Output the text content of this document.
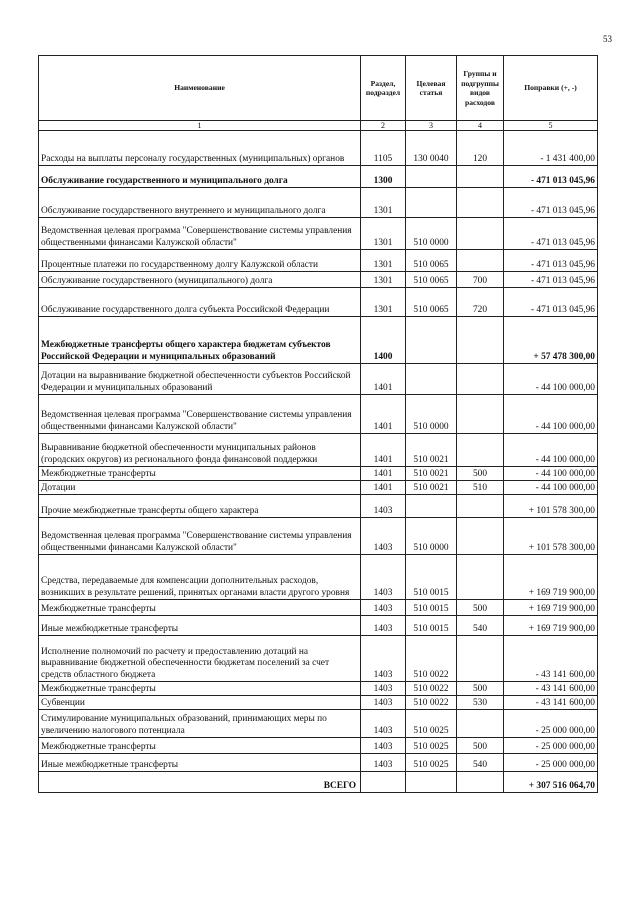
53
Наименование	Раздел, подраздел	Целевая статья	Группы и подгруппы видов расходов	Поправки (+, -)
1	2	3	4	5
Расходы на выплаты персоналу государственных (муниципальных) органов	1105	130 0040	120	- 1 431 400,00
Обслуживание государственного и муниципального долга	1300			- 471 013 045,96
Обслуживание государственного внутреннего и муниципального долга	1301			- 471 013 045,96
Ведомственная целевая программа "Совершенствование системы управления общественными финансами Калужской области"	1301	510 0000		- 471 013 045,96
Процентные платежи по государственному долгу Калужской области	1301	510 0065		- 471 013 045,96
Обслуживание государственного (муниципального) долга	1301	510 0065	700	- 471 013 045,96
Обслуживание государственного долга субъекта Российской Федерации	1301	510 0065	720	- 471 013 045,96
Межбюджетные трансферты общего характера бюджетам субъектов Российской Федерации и муниципальных образований	1400			+ 57 478 300,00
Дотации на выравнивание бюджетной обеспеченности субъектов Российской Федерации и муниципальных образований	1401			- 44 100 000,00
Ведомственная целевая программа "Совершенствование системы управления общественными финансами Калужской области"	1401	510 0000		- 44 100 000,00
Выравнивание бюджетной обеспеченности муниципальных районов (городских округов) из регионального фонда финансовой поддержки	1401	510 0021		- 44 100 000,00
Межбюджетные трансферты	1401	510 0021	500	- 44 100 000,00
Дотации	1401	510 0021	510	- 44 100 000,00
Прочие межбюджетные трансферты общего характера	1403			+ 101 578 300,00
Ведомственная целевая программа "Совершенствование системы управления общественными финансами Калужской области"	1403	510 0000		+ 101 578 300,00
Средства, передаваемые для компенсации дополнительных расходов, возникших в результате решений, принятых органами власти другого уровня	1403	510 0015		+ 169 719 900,00
Межбюджетные трансферты	1403	510 0015	500	+ 169 719 900,00
Иные межбюджетные трансферты	1403	510 0015	540	+ 169 719 900,00
Исполнение полномочий по расчету и предоставлению дотаций на выравнивание бюджетной обеспеченности бюджетам поселений за счет средств областного бюджета	1403	510 0022		- 43 141 600,00
Межбюджетные трансферты	1403	510 0022	500	- 43 141 600,00
Субвенции	1403	510 0022	530	- 43 141 600,00
Стимулирование муниципальных образований, принимающих меры по увеличению налогового потенциала	1403	510 0025		- 25 000 000,00
Межбюджетные трансферты	1403	510 0025	500	- 25 000 000,00
Иные межбюджетные трансферты	1403	510 0025	540	- 25 000 000,00
ВСЕГО				+ 307 516 064,70
